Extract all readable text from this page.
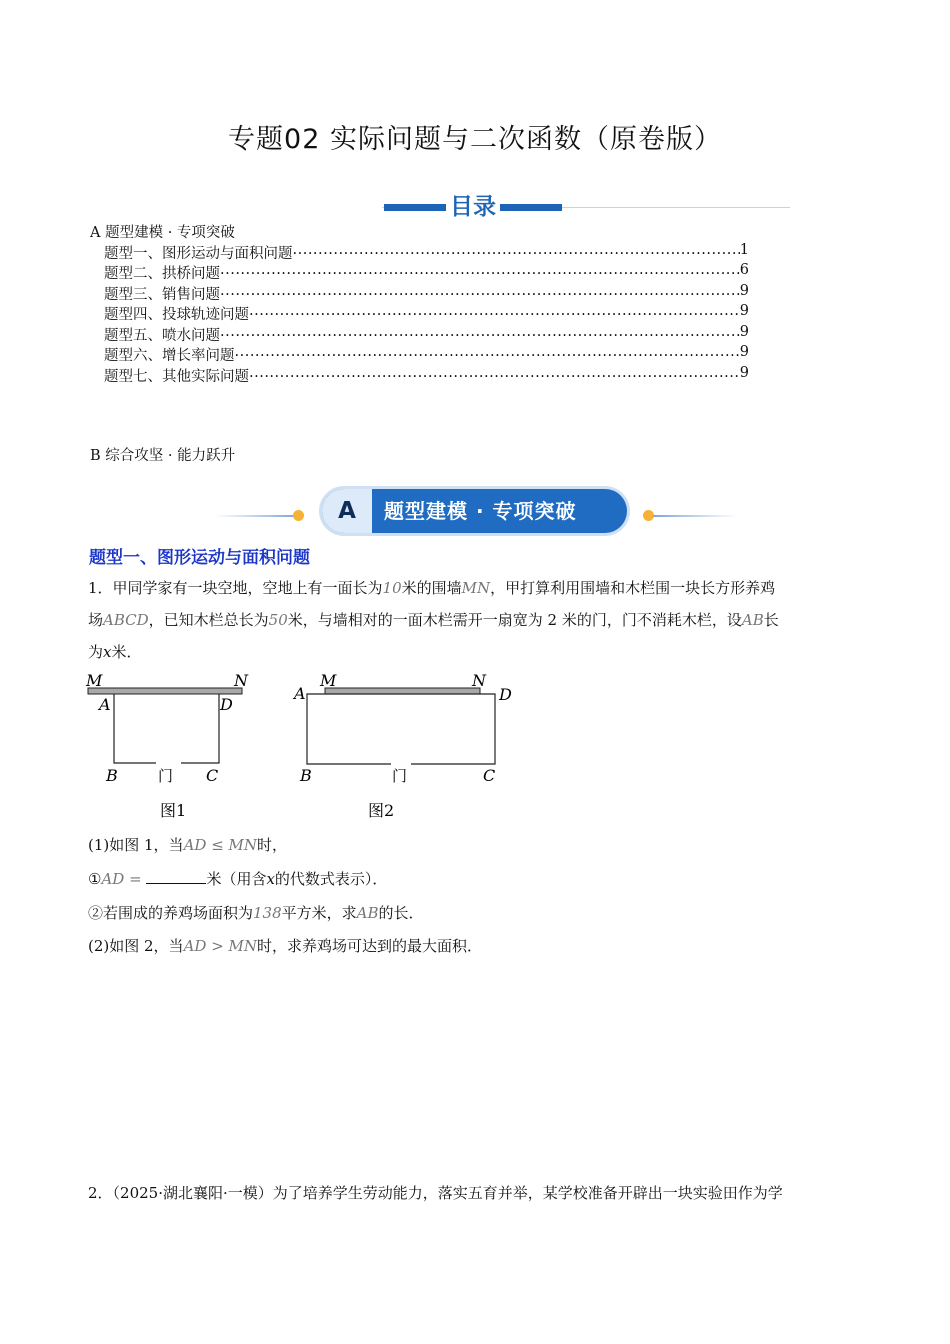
专题02 实际问题与二次函数（原卷版）
目录
A 题型建模 · 专项突破
题型一、图形运动与面积问题 .....	1
题型二、拱桥问题 .....	6
题型三、销售问题 .....	9
题型四、投球轨迹问题 .....	9
题型五、喷水问题 .....	9
题型六、增长率问题 .....	9
题型七、其他实际问题 .....	9
B 综合攻坚 · 能力跃升
A	题型建模 · 专项突破
题型一、图形运动与面积问题
1．甲同学家有一块空地，空地上有一面长为10米的围墙MN，甲打算利用围墙和木栏围一块长方形养鸡
场ABCD，已知木栏总长为50米，与墙相对的一面木栏需开一扇宽为 2 米的门，门不消耗木栏，设AB长
为x米．
M	N
A	D
B	C
门
图1
M	N
A	D
B	C
门
图2
(1)如图 1，当AD ≤ MN时，
①AD =	米（用含x的代数式表示）．
②若围成的养鸡场面积为138平方米，求AB的长．
(2)如图 2，当AD > MN时，求养鸡场可达到的最大面积．
2．（2025·湖北襄阳·一模）为了培养学生劳动能力，落实五育并举，某学校准备开辟出一块实验田作为学
